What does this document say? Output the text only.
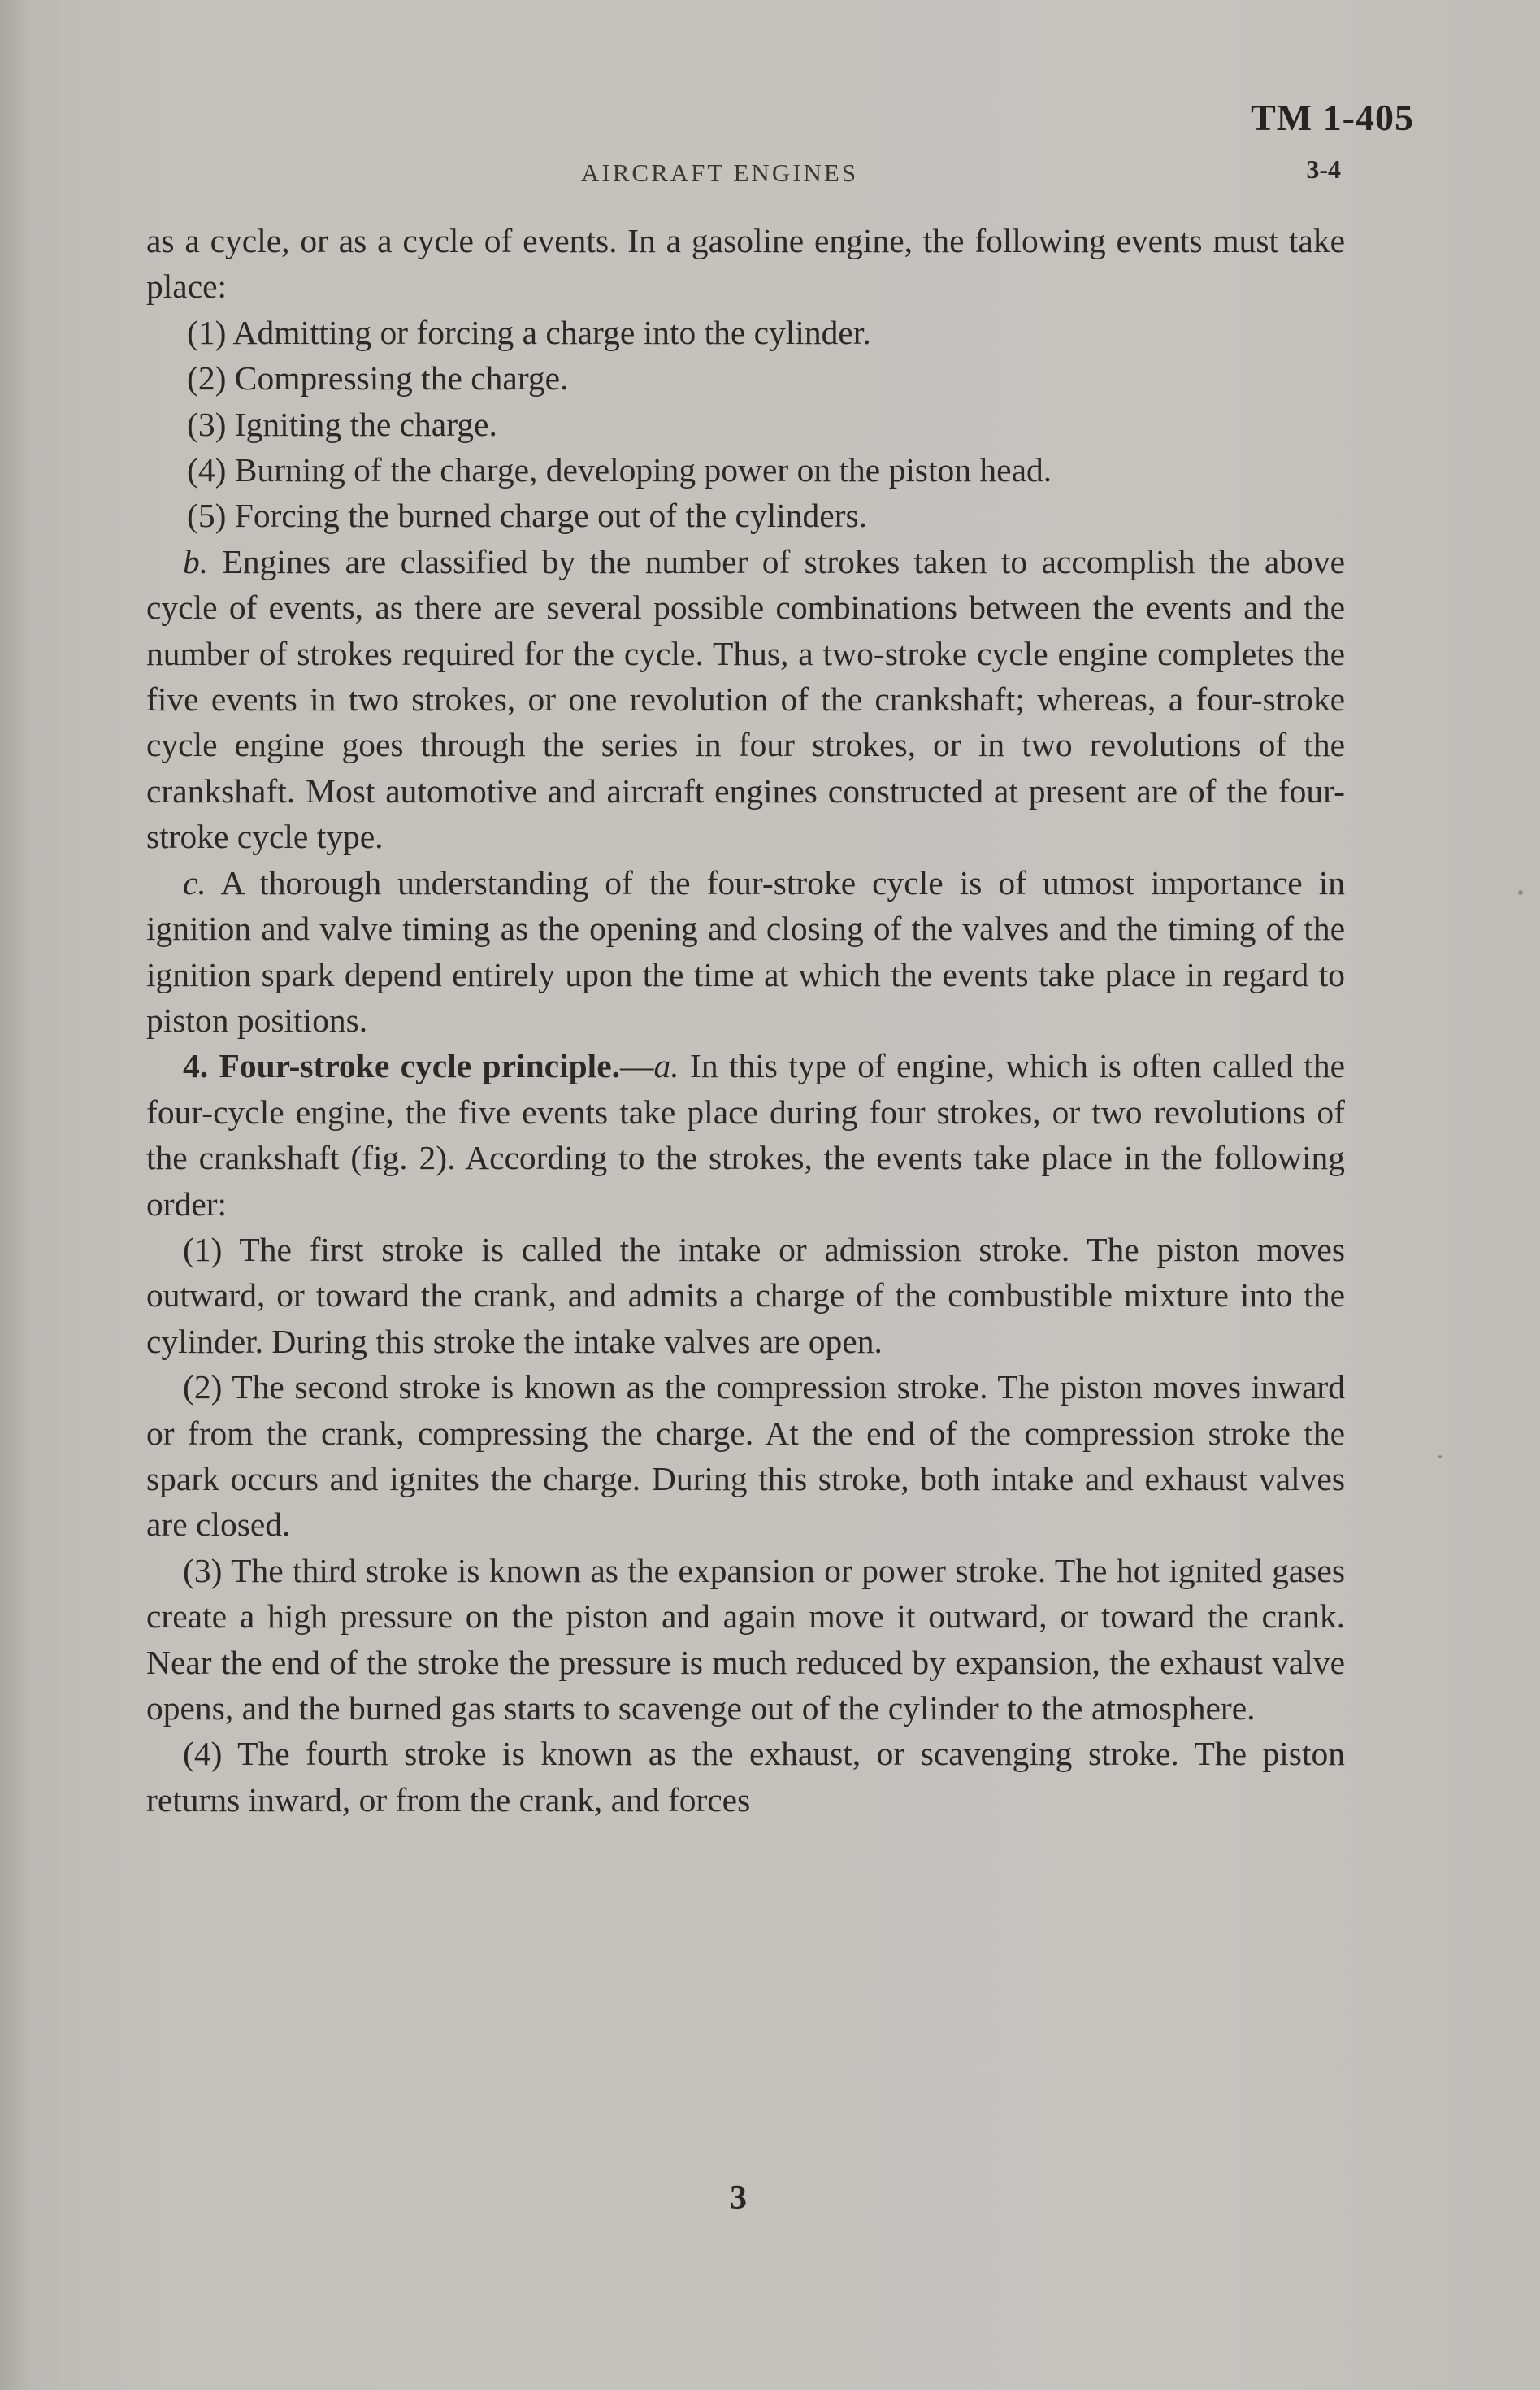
TM 1-405
AIRCRAFT ENGINES	3-4

as a cycle, or as a cycle of events. In a gasoline engine, the following events must take place:

(1) Admitting or forcing a charge into the cylinder.

(2) Compressing the charge.

(3) Igniting the charge.

(4) Burning of the charge, developing power on the piston head.

(5) Forcing the burned charge out of the cylinders.

b. Engines are classified by the number of strokes taken to accomplish the above cycle of events, as there are several possible combinations between the events and the number of strokes required for the cycle. Thus, a two-stroke cycle engine completes the five events in two strokes, or one revolution of the crankshaft; whereas, a four-stroke cycle engine goes through the series in four strokes, or in two revolutions of the crankshaft. Most automotive and aircraft engines constructed at present are of the four-stroke cycle type.

c. A thorough understanding of the four-stroke cycle is of utmost importance in ignition and valve timing as the opening and closing of the valves and the timing of the ignition spark depend entirely upon the time at which the events take place in regard to piston positions.

4. Four-stroke cycle principle.—a. In this type of engine, which is often called the four-cycle engine, the five events take place during four strokes, or two revolutions of the crankshaft (fig. 2). According to the strokes, the events take place in the following order:

(1) The first stroke is called the intake or admission stroke. The piston moves outward, or toward the crank, and admits a charge of the combustible mixture into the cylinder. During this stroke the intake valves are open.

(2) The second stroke is known as the compression stroke. The piston moves inward or from the crank, compressing the charge. At the end of the compression stroke the spark occurs and ignites the charge. During this stroke, both intake and exhaust valves are closed.

(3) The third stroke is known as the expansion or power stroke. The hot ignited gases create a high pressure on the piston and again move it outward, or toward the crank. Near the end of the stroke the pressure is much reduced by expansion, the exhaust valve opens, and the burned gas starts to scavenge out of the cylinder to the atmosphere.

(4) The fourth stroke is known as the exhaust, or scavenging stroke. The piston returns inward, or from the crank, and forces

3
